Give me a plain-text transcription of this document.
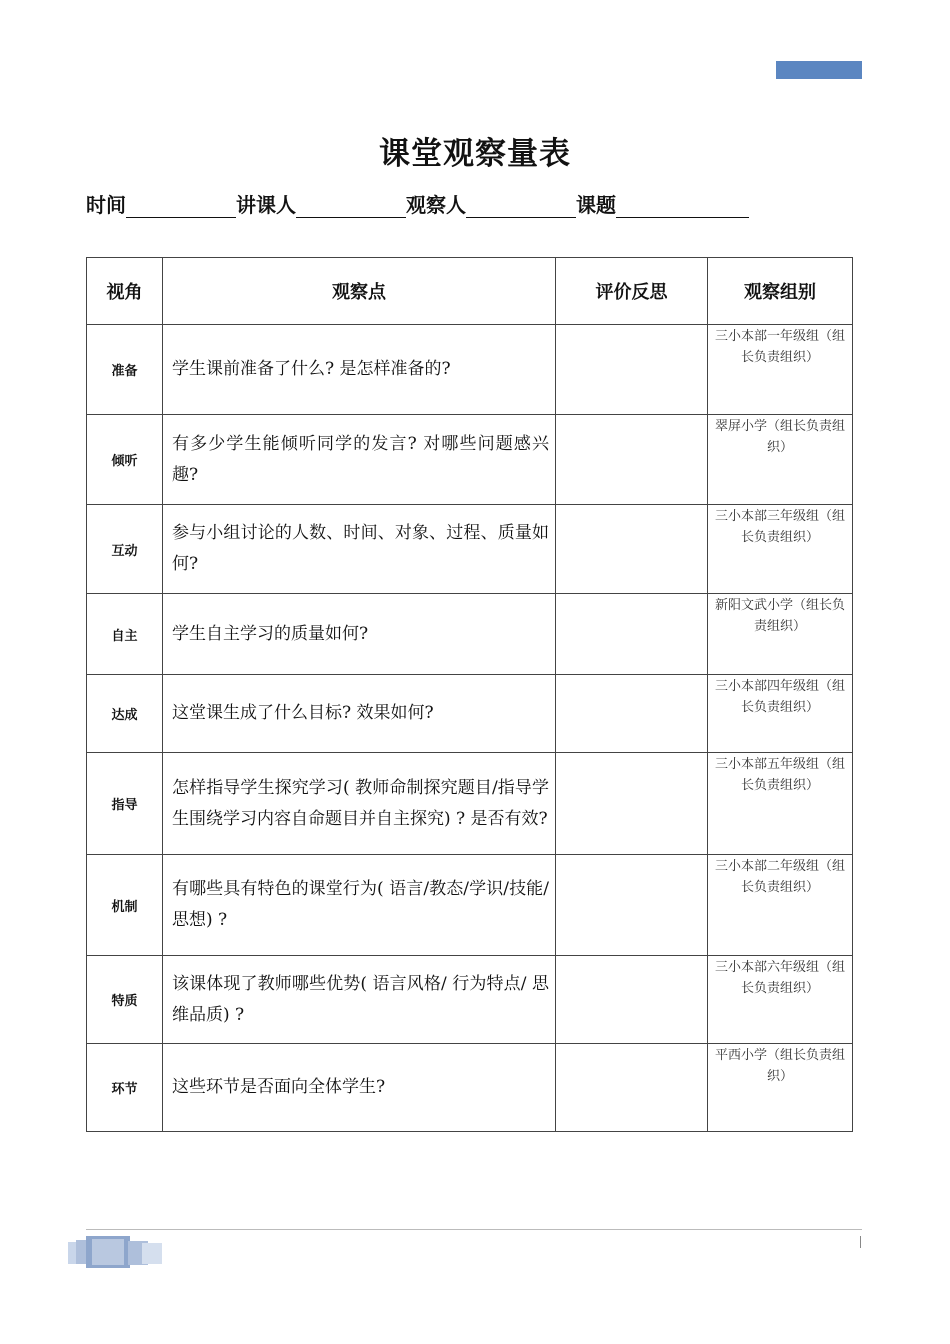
课堂观察量表
时间	讲课人	观察人	课题
视角	观察点	评价反思	观察组别
准备	学生课前准备了什么? 是怎样准备的?		三小本部一年级组（组长负责组织）
倾听	有多少学生能倾听同学的发言? 对哪些问题感兴趣?		翠屏小学（组长负责组织）
互动	参与小组讨论的人数、时间、对象、过程、质量如何?		三小本部三年级组（组长负责组织）
自主	学生自主学习的质量如何?		新阳文武小学（组长负责组织）
达成	这堂课生成了什么目标? 效果如何?		三小本部四年级组（组长负责组织）
指导	怎样指导学生探究学习( 教师命制探究题目/指导学生围绕学习内容自命题目并自主探究) ? 是否有效?		三小本部五年级组（组长负责组织）
机制	有哪些具有特色的课堂行为( 语言/教态/学识/技能/思想) ?		三小本部二年级组（组长负责组织）
特质	该课体现了教师哪些优势( 语言风格/ 行为特点/ 思维品质) ?		三小本部六年级组（组长负责组织）
环节	这些环节是否面向全体学生?		平西小学（组长负责组织）
